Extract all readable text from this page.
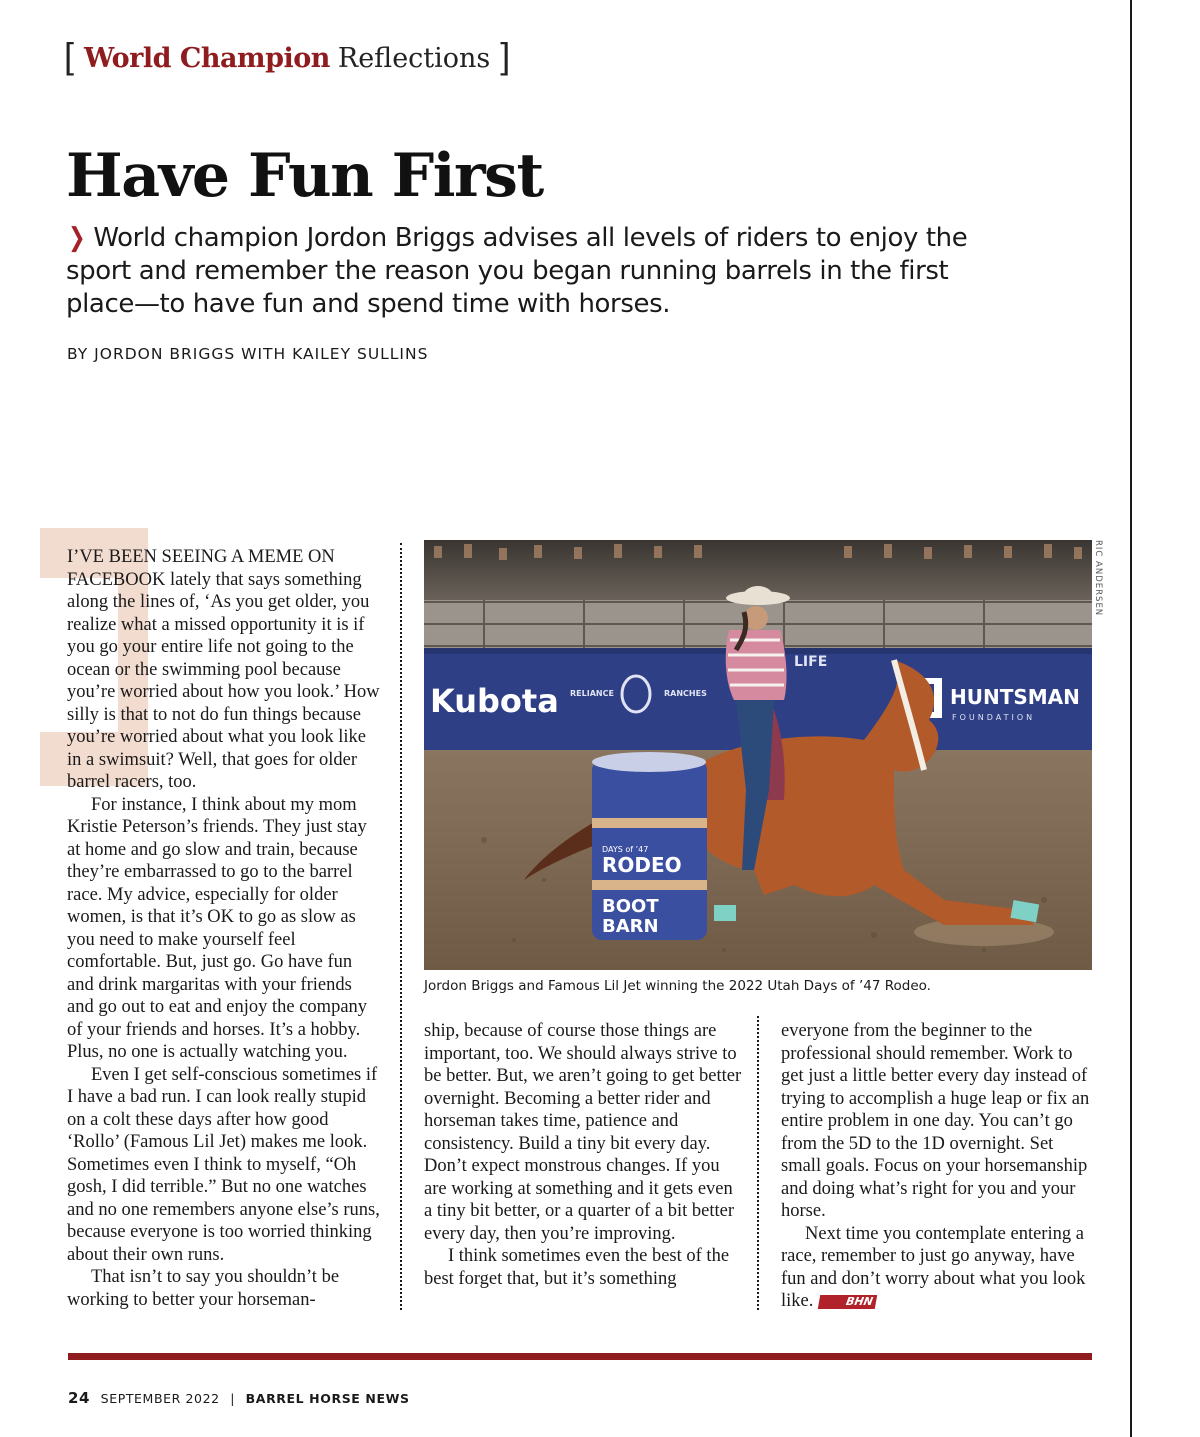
[ World Champion Reflections ]
Have Fun First

❯ World champion Jordon Briggs advises all levels of riders to enjoy the sport and remember the reason you began running barrels in the first place—to have fun and spend time with horses.

BY JORDON BRIGGS WITH KAILEY SULLINS

I’VE BEEN SEEING A MEME ON FACEBOOK lately that says something along the lines of, ‘As you get older, you realize what a missed opportunity it is if you go your entire life not going to the ocean or the swimming pool because you’re worried about how you look.’ How silly is that to not do fun things because you’re worried about what you look like in a swimsuit? Well, that goes for older barrel racers, too.

For instance, I think about my mom Kristie Peterson’s friends. They just stay at home and go slow and train, because they’re embarrassed to go to the barrel race. My advice, especially for older women, is that it’s OK to go as slow as you need to make yourself feel comfortable. But, just go. Go have fun and drink margaritas with your friends and go out to eat and enjoy the company of your friends and horses. It’s a hobby. Plus, no one is actually watching you.

Even I get self-conscious sometimes if I have a bad run. I can look really stupid on a colt these days after how good ‘Rollo’ (Famous Lil Jet) makes me look. Sometimes even I think to myself, “Oh gosh, I did terrible.” But no one watches and no one remembers anyone else’s runs, because everyone is too worried thinking about their own runs.

That isn’t to say you shouldn’t be working to better your horseman-

Kubota RELIANCE	RANCHES
LIFE
HUNTSMAN
FOUNDATION
DAYS of ’47
RODEO
BOOT
BARN
RIC ANDERSEN
Jordon Briggs and Famous Lil Jet winning the 2022 Utah Days of ’47 Rodeo.

ship, because of course those things are important, too. We should always strive to be better. But, we aren’t going to get better overnight. Becoming a better rider and horseman takes time, patience and consistency. Build a tiny bit every day. Don’t expect monstrous changes. If you are working at something and it gets even a tiny bit better, or a quarter of a bit better every day, then you’re improving.

I think sometimes even the best of the best forget that, but it’s something

everyone from the beginner to the professional should remember. Work to get just a little better every day instead of trying to accomplish a huge leap or fix an entire problem in one day. You can’t go from the 5D to the 1D overnight. Set small goals. Focus on your horsemanship and doing what’s right for you and your horse.

Next time you contemplate entering a race, remember to just go anyway, have fun and don’t worry about what you look like.	BHN

24 SEPTEMBER 2022 | BARREL HORSE NEWS
